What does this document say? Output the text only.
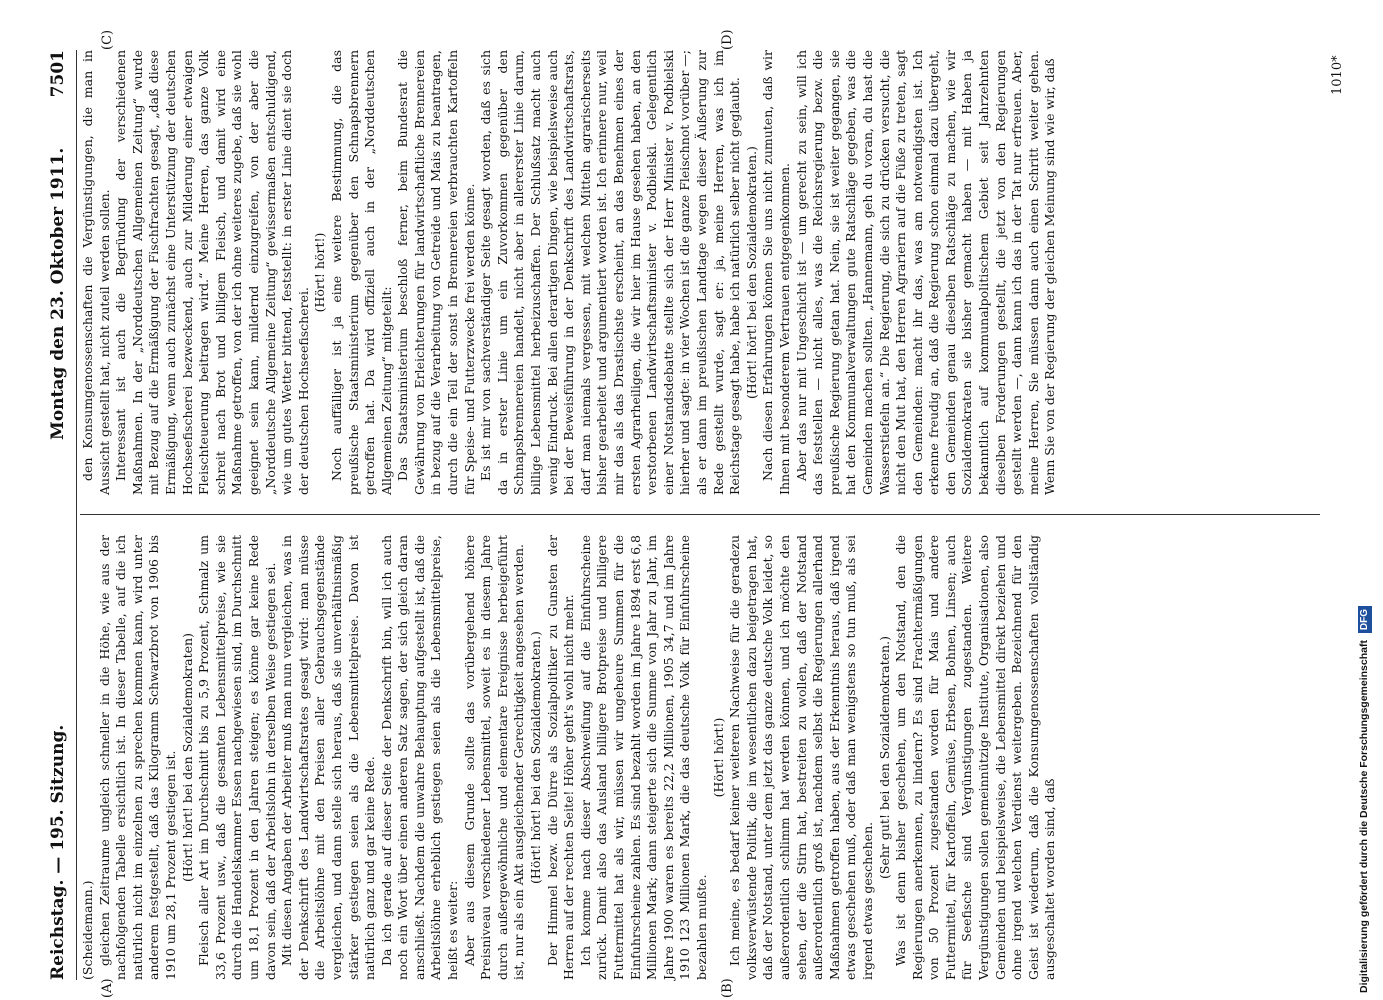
Reichstag. — 195. Sitzung.
Montag den 23. Oktober 1911.
7501
(A)	(B)
(C)	(D)

(Scheidemann.) gleichen Zeitraume ungleich schneller in die Höhe, wie aus der nachfolgenden Tabelle ersichtlich ist. In dieser Tabelle, auf die ich natürlich nicht im einzelnen zu sprechen kommen kann, wird unter anderem festgestellt, daß das Kilogramm Schwarzbrot von 1906 bis 1910 um 28,1 Prozent gestiegen ist. (Hört! hört! bei den Sozialdemokraten) Fleisch aller Art im Durchschnitt bis zu 5,9 Prozent, Schmalz um 33,6 Prozent usw., daß die gesamten Lebensmittelpreise, wie sie durch die Handelskammer Essen nachgewiesen sind, im Durchschnitt um 18,1 Prozent in den Jahren steigen; es könne gar keine Rede davon sein, daß der Arbeitslohn in derselben Weise gestiegen sei. Mit diesen Angaben der Arbeiter muß man nun vergleichen, was in der Denkschrift des Landwirtschaftsrates gesagt wird: man müsse die Arbeitslöhne mit den Preisen aller Gebrauchsgegenstände vergleichen, und dann stelle sich heraus, daß sie unverhältnismäßig stärker gestiegen seien als die Lebensmittelpreise. Davon ist natürlich ganz und gar keine Rede. Da ich gerade auf dieser Seite der Denkschrift bin, will ich auch noch ein Wort über einen anderen Satz sagen, der sich gleich daran anschließt. Nachdem die unwahre Behauptung aufgestellt ist, daß die Arbeitslöhne erheblich gestiegen seien als die Lebensmittelpreise, heißt es weiter: Aber aus diesem Grunde sollte das vorübergehend höhere Preisniveau verschiedener Lebensmittel, soweit es in diesem Jahre durch außergewöhnliche und elementare Ereignisse herbeigeführt ist, nur als ein Akt ausgleichender Gerechtigkeit angesehen werden. (Hört! hört! bei den Sozialdemokraten.) Der Himmel bezw. die Dürre als Sozialpolitiker zu Gunsten der Herren auf der rechten Seite! Höher geht's wohl nicht mehr. Ich komme nach dieser Abschweifung auf die Einfuhrscheine zurück. Damit also das Ausland billigere Brotpreise und billigere Futtermittel hat als wir, müssen wir ungeheure Summen für die Einfuhrscheine zahlen. Es sind bezahlt worden im Jahre 1894 erst 6,8 Millionen Mark; dann steigerte sich die Summe von Jahr zu Jahr, im Jahre 1900 waren es bereits 22,2 Millionen, 1905 34,7 und im Jahre 1910 123 Millionen Mark, die das deutsche Volk für Einfuhrscheine bezahlen mußte.

(Hört! hört!) Ich meine, es bedarf keiner weiteren Nachweise für die geradezu volksverwüstende Politik, die im wesentlichen dazu beigetragen hat, daß der Notstand, unter dem jetzt das ganze deutsche Volk leidet, so außerordentlich schlimm hat werden können, und ich möchte den sehen, der die Stirn hat, bestreiten zu wollen, daß der Notstand außerordentlich groß ist, nachdem selbst die Regierungen allerhand Maßnahmen getroffen haben, aus der Erkenntnis heraus, daß irgend etwas geschehen muß, oder daß man wenigstens so tun muß, als sei irgend etwas geschehen.

(Sehr gut! bei den Sozialdemokraten.) Was ist denn bisher geschehen, um den Notstand, den die Regierungen anerkennen, zu lindern? Es sind Frachtermäßigungen von 50 Prozent zugestanden worden für Mais und andere Futtermittel, für Kartoffeln, Gemüse, Erbsen, Bohnen, Linsen; auch für Seefische sind Vergünstigungen zugestanden. Weitere Vergünstigungen sollen gemeinnützige Institute, Organisationen, also Gemeinden und beispielsweise, die Lebensmittel direkt beziehen und ohne irgend welchen Verdienst weitergeben. Bezeichnend für den Geist ist wiederum, daß die Konsumgenossenschaften vollständig ausgeschaltet worden sind, daß

den Konsumgenossenschaften die Vergünstigungen, die man in Aussicht gestellt hat, nicht zuteil werden sollen. Interessant ist auch die Begründung der verschiedenen Maßnahmen. In der „Norddeutschen Allgemeinen Zeitung“ wurde mit Bezug auf die Ermäßigung der Fischfrachten gesagt, „daß diese Ermäßigung, wenn auch zunächst eine Unterstützung der deutschen Hochseefischerei bezweckend, auch zur Milderung einer etwaigen Fleischteuerung beitragen wird.“ Meine Herren, das ganze Volk schreit nach Brot und billigem Fleisch, und damit wird eine Maßnahme getroffen, von der ich ohne weiteres zugebe, daß sie wohl geeignet sein kann, mildernd einzugreifen, von der aber die „Norddeutsche Allgemeine Zeitung“ gewissermaßen entschuldigend, wie um gutes Wetter bittend, feststellt: in erster Linie dient sie doch der deutschen Hochseefischerei.

(Hört! hört!) Noch auffälliger ist ja eine weitere Bestimmung, die das preußische Staatsministerium gegenüber den Schnapsbrennern getroffen hat. Da wird offiziell auch in der „Norddeutschen Allgemeinen Zeitung“ mitgeteilt: Das Staatsministerium beschloß ferner, beim Bundesrat die Gewährung von Erleichterungen für landwirtschaftliche Brennereien in bezug auf die Verarbeitung von Getreide und Mais zu beantragen, durch die ein Teil der sonst in Brennereien verbrauchten Kartoffeln für Speise- und Futterzwecke frei werden könne. Es ist mir von sachverständiger Seite gesagt worden, daß es sich da in erster Linie um ein Zuvorkommen gegenüber den Schnapsbrennereien handelt, nicht aber in allererster Linie darum, billige Lebensmittel herbeizuschaffen. Der Schlußsatz macht auch wenig Eindruck. Bei allen derartigen Dingen, wie beispielsweise auch bei der Beweisführung in der Denkschrift des Landwirtschaftsrats, darf man niemals vergessen, mit welchen Mitteln agrarischerseits bisher gearbeitet und argumentiert worden ist. Ich erinnere nur, weil mir das als das Drastischste erscheint, an das Benehmen eines der ersten Agrarheiligen, die wir hier im Hause gesehen haben, an den verstorbenen Landwirtschaftsminister v. Podbielski. Gelegentlich einer Notstandsdebatte stellte sich der Herr Minister v. Podbielski hierher und sagte: in vier Wochen ist die ganze Fleischnot vorüber —; als er dann im preußischen Landtage wegen dieser Äußerung zur Rede gestellt wurde, sagt er: ja, meine Herren, was ich im Reichstage gesagt habe, habe ich natürlich selber nicht geglaubt. (Hört! hört! bei den Sozialdemokraten.) Nach diesen Erfahrungen können Sie uns nicht zumuten, daß wir Ihnen mit besonderem Vertrauen entgegenkommen. Aber das nur mit Ungeschicht ist — um gerecht zu sein, will ich das feststellen — nicht alles, was die Reichsregierung bezw. die preußische Regierung getan hat. Nein, sie ist weiter gegangen, sie hat den Kommunalverwaltungen gute Ratschläge gegeben, was die Gemeinden machen sollten. „Hannemann, geh du voran, du hast die Wasserstiefeln an.“ Die Regierung, die sich zu drücken versucht, die nicht den Mut hat, den Herren Agrariern auf die Füße zu treten, sagt den Gemeinden: macht ihr das, was am notwendigsten ist. Ich erkenne freudig an, daß die Regierung schon einmal dazu übergeht, den Gemeinden genau dieselben Ratschläge zu machen, wie wir Sozialdemokraten sie bisher gemacht haben — mit Haben ja bekanntlich auf kommunalpolitischem Gebiet seit Jahrzehnten dieselben Forderungen gestellt, die jetzt von den Regierungen gestellt werden —, dann kann ich das in der Tat nur erfreuen. Aber, meine Herren, Sie müssen dann auch einen Schritt weiter gehen. Wenn Sie von der Regierung der gleichen Meinung sind wie wir, daß	1010*
Digitalisierung gefördert durch die Deutsche Forschungsgemeinschaft DFG
